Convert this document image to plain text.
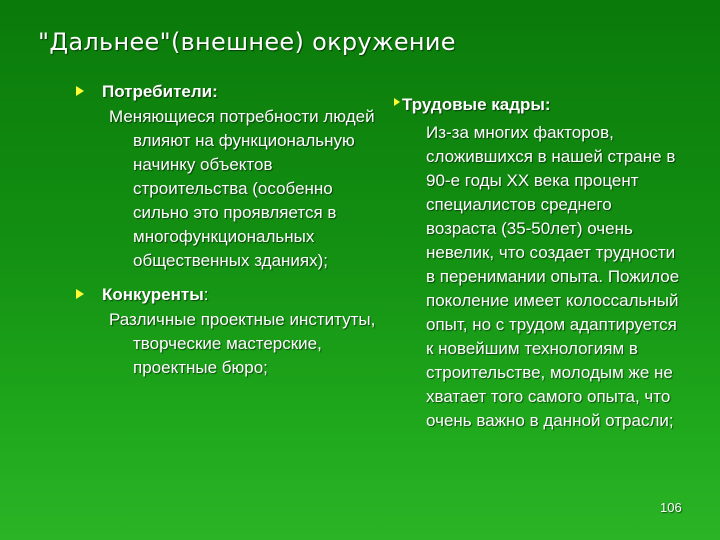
"Дальнее"(внешнее) окружение
Потребители:
Меняющиеся потребности людей влияют на функциональную начинку объектов строительства (особенно сильно это проявляется в многофункциональных общественных зданиях);
Конкуренты:
Различные проектные институты, творческие мастерские, проектные бюро;
Трудовые кадры:
Из-за многих факторов, сложившихся в нашей стране в 90-е годы XX века процент специалистов среднего возраста (35-50лет) очень невелик, что создает трудности в перенимании опыта. Пожилое поколение имеет колоссальный опыт, но с трудом адаптируется к новейшим технологиям в строительстве, молодым же не хватает того самого опыта, что очень важно в данной отрасли;
106
